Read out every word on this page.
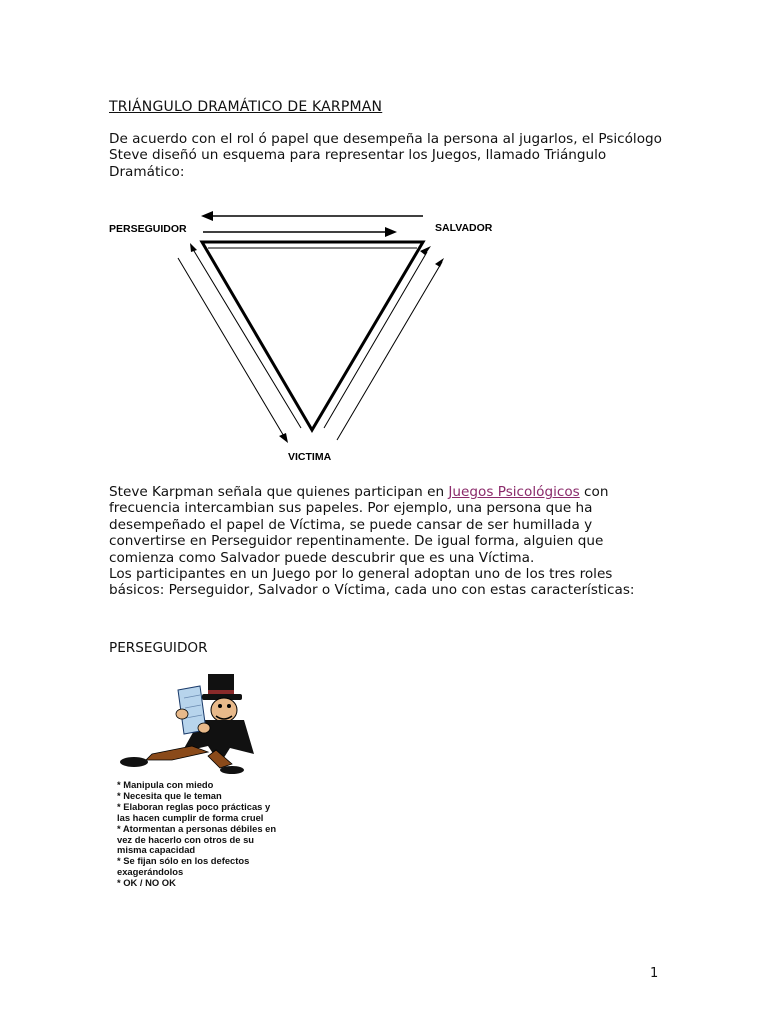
TRIÁNGULO DRAMÁTICO DE KARPMAN

De acuerdo con el rol ó papel que desempeña la persona al jugarlos, el Psicólogo Steve diseñó un esquema para representar los Juegos, llamado Triángulo Dramático:

PERSEGUIDOR	SALVADOR
VICTIMA

Steve Karpman señala que quienes participan en Juegos Psicológicos con frecuencia intercambian sus papeles. Por ejemplo, una persona que ha desempeñado el papel de Víctima, se puede cansar de ser humillada y convertirse en Perseguidor repentinamente. De igual forma, alguien que comienza como Salvador puede descubrir que es una Víctima.
Los participantes en un Juego por lo general adoptan uno de los tres roles básicos: Perseguidor, Salvador o Víctima, cada uno con estas características:

PERSEGUIDOR

* Manipula con miedo
* Necesita que le teman
* Elaboran reglas poco prácticas y las hacen cumplir de forma cruel
* Atormentan a personas débiles en vez de hacerlo con otros de su misma capacidad
* Se fijan sólo en los defectos exagerándolos
* OK / NO OK

1
